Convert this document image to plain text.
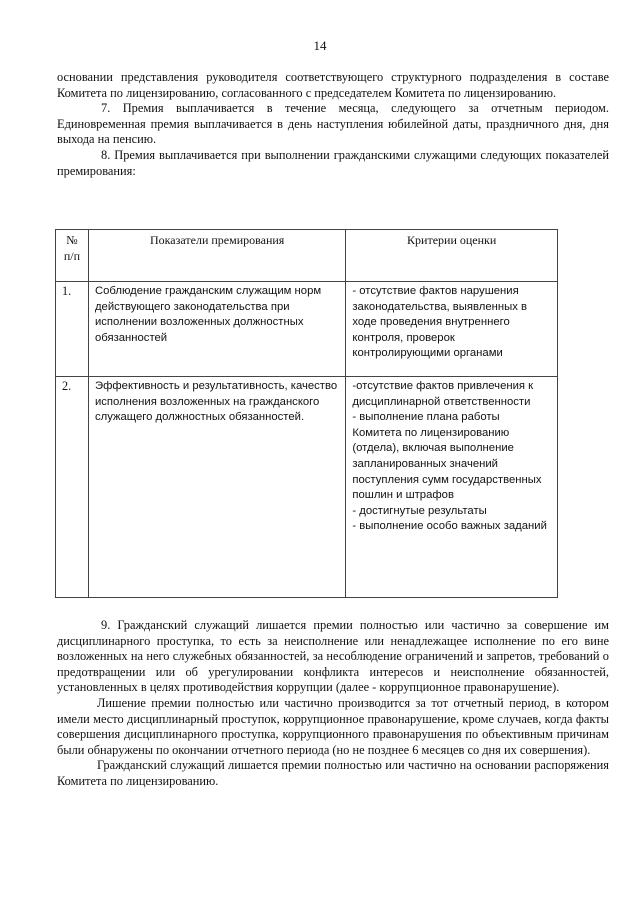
14

основании представления руководителя соответствующего структурного подразделения в составе Комитета по лицензированию, согласованного с председателем Комитета по лицензированию.

7. Премия выплачивается в течение месяца, следующего за отчетным периодом. Единовременная премия выплачивается в день наступления юбилейной даты, праздничного дня, дня выхода на пенсию.

8. Премия выплачивается при выполнении гражданскими служащими следующих показателей премирования:

№ п/п	Показатели премирования	Критерии оценки
1.	Соблюдение гражданским служащим норм действующего законодательства при исполнении возложенных должностных обязанностей	- отсутствие фактов нарушения законодательства, выявленных в ходе проведения внутреннего контроля, проверок контролирующими органами

2.	Эффективность и результативность, качество исполнения возложенных на гражданского служащего должностных обязанностей.	-отсутствие фактов привлечения к дисциплинарной ответственности
- выполнение плана работы Комитета по лицензированию (отдела), включая выполнение запланированных значений поступления сумм государственных пошлин и штрафов
- достигнутые результаты
- выполнение особо важных заданий

9. Гражданский служащий лишается премии полностью или частично за совершение им дисциплинарного проступка, то есть за неисполнение или ненадлежащее исполнение по его вине возложенных на него служебных обязанностей, за несоблюдение ограничений и запретов, требований о предотвращении или об урегулировании конфликта интересов и неисполнение обязанностей, установленных в целях противодействия коррупции (далее - коррупционное правонарушение).

Лишение премии полностью или частично производится за тот отчетный период, в котором имели место дисциплинарный проступок, коррупционное правонарушение, кроме случаев, когда факты совершения дисциплинарного проступка, коррупционного правонарушения по объективным причинам были обнаружены по окончании отчетного периода (но не позднее 6 месяцев со дня их совершения).

Гражданский служащий лишается премии полностью или частично на основании распоряжения Комитета по лицензированию.
